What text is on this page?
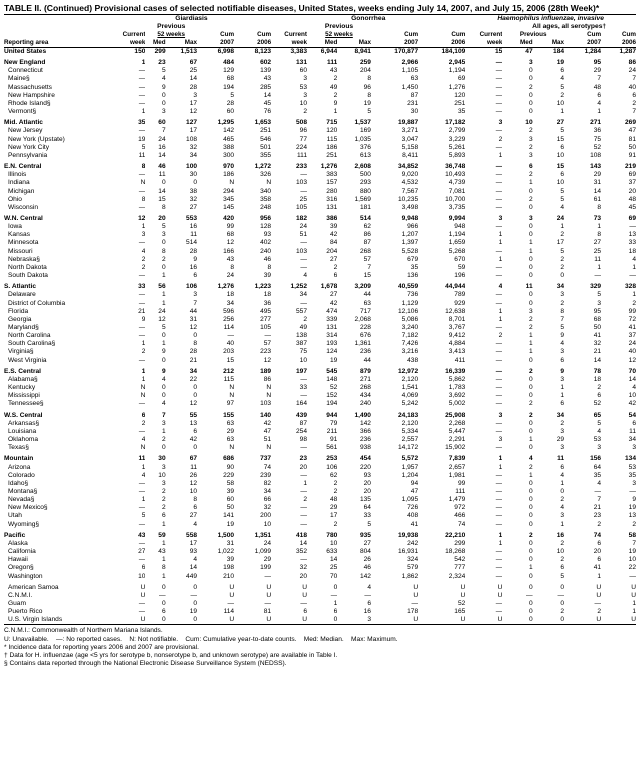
TABLE II. (Continued) Provisional cases of selected notifiable diseases, United States, weeks ending July 14, 2007, and July 15, 2006 (28th Week)*
	Giardiasis					Gonorrhea					Haemophilus influenzae, invasive				
		Previous					Previous					All ages, all serotypes†			
	Current	52 weeks		Cum	Cum	Current	52 weeks		Cum	Cum	Current	Previous		Cum	Cum
Reporting area	week	Med	Max	2007	2006	week	Med	Max	2007	2006	week	Med	Max	2007	2006
United States	150	299	1,513	6,998	8,123	3,383	6,944	8,941	170,877	184,109	15	47	184	1,284	1,287

New England	1	23	67	484	602	131	111	259	2,966	2,945	—	3	19	95	86
Connecticut	—	5	25	129	139	60	43	204	1,105	1,194	—	0	6	29	24
Maine§	—	4	14	68	43	3	2	8	63	69	—	0	4	7	7
Massachusetts	—	9	28	194	285	53	49	96	1,450	1,276	—	2	5	48	40
New Hampshire	—	0	3	5	14	3	2	8	87	120	—	0	2	6	6
Rhode Island§	—	0	17	28	45	10	9	19	231	251	—	0	10	4	2
Vermont§	1	3	12	60	76	2	1	5	30	35	—	0	1	1	7

Mid. Atlantic	35	60	127	1,295	1,653	508	715	1,537	19,887	17,182	3	10	27	271	269
New Jersey	—	7	17	142	251	96	120	169	3,271	2,799	—	2	5	36	47
New York (Upstate)	19	24	108	465	546	77	115	1,035	3,047	3,229	2	3	15	75	81
New York City	5	16	32	388	501	224	186	376	5,158	5,261	—	2	6	52	50
Pennsylvania	11	14	34	300	355	111	251	613	8,411	5,893	1	3	10	108	91

E.N. Central	8	46	100	970	1,272	233	1,276	2,608	34,852	36,748	—	6	15	143	219
Illinois	—	11	30	186	326	—	383	500	9,020	10,493	—	2	6	29	69
Indiana	N	0	0	N	N	103	157	293	4,532	4,739	—	1	10	31	37
Michigan	—	14	38	294	340	—	280	880	7,567	7,081	—	0	5	14	20
Ohio	8	15	32	345	358	25	316	1,569	10,235	10,700	—	2	5	61	48
Wisconsin	—	8	27	145	248	105	131	181	3,498	3,735	—	0	4	8	45

W.N. Central	12	20	553	420	956	182	386	514	9,948	9,994	3	3	24	73	69
Iowa	1	5	16	99	128	24	39	62	966	948	—	0	1	1	—
Kansas	3	3	11	68	93	51	42	86	1,207	1,194	1	0	2	8	13
Minnesota	—	0	514	12	402	—	84	87	1,397	1,659	1	1	17	27	33
Missouri	4	8	28	166	240	103	204	268	5,528	5,268	—	1	5	25	18
Nebraska§	2	2	9	43	46	—	27	57	679	670	1	0	2	11	4
North Dakota	2	0	16	8	8	—	2	7	35	59	—	0	2	1	1
South Dakota	—	1	6	24	39	4	6	15	136	196	—	0	0	—	—

S. Atlantic	33	56	106	1,276	1,223	1,252	1,678	3,209	40,559	44,944	4	11	34	329	328
Delaware	—	1	3	18	18	34	27	44	736	789	—	0	3	5	1
District of Columbia	—	1	7	34	36	—	42	63	1,129	929	—	0	2	3	2
Florida	21	24	44	596	495	557	474	717	12,106	12,638	1	3	8	95	99
Georgia	9	12	31	256	277	2	339	2,068	5,086	8,701	1	2	7	68	72
Maryland§	—	5	12	114	105	49	131	228	3,240	3,767	—	2	5	50	41
North Carolina	—	0	0	—	—	138	314	676	7,182	9,412	2	1	9	41	37
South Carolina§	1	1	8	40	57	387	193	1,361	7,426	4,884	—	1	4	32	24
Virginia§	2	9	28	203	223	75	124	236	3,216	3,413	—	1	3	21	40
West Virginia	—	0	21	15	12	10	19	44	438	411	—	0	6	14	12

E.S. Central	1	9	34	212	189	197	545	879	12,972	16,339	—	2	9	78	70
Alabama§	1	4	22	115	86	—	148	271	2,120	5,862	—	0	3	18	14
Kentucky	N	0	0	N	N	33	52	268	1,541	1,783	—	0	1	2	4
Mississippi	N	0	0	N	N	—	152	434	4,069	3,692	—	0	1	6	10
Tennessee§	—	4	12	97	103	164	194	240	5,242	5,002	—	2	6	52	42

W.S. Central	6	7	55	155	140	439	944	1,490	24,183	25,908	3	2	34	65	54
Arkansas§	2	3	13	63	42	87	79	142	2,120	2,268	—	0	2	5	6
Louisiana	—	1	6	29	47	254	211	366	5,334	5,447	—	0	3	4	11
Oklahoma	4	2	42	63	51	98	91	236	2,557	2,291	3	1	29	53	34
Texas§	N	0	0	N	N	—	561	938	14,172	15,902	—	0	3	3	3

Mountain	11	30	67	686	737	23	253	454	5,572	7,839	1	4	11	156	134
Arizona	1	3	11	90	74	20	106	220	1,957	2,657	1	2	6	64	53
Colorado	4	10	26	229	239	—	62	93	1,204	1,981	—	1	4	35	35
Idaho§	—	3	12	58	82	1	2	20	94	99	—	0	1	4	3
Montana§	—	2	10	39	34	—	2	20	47	111	—	0	0	—	—
Nevada§	1	2	8	60	66	2	48	135	1,095	1,479	—	0	2	7	9
New Mexico§	—	2	6	50	32	—	29	64	726	972	—	0	4	21	19
Utah	5	6	27	141	200	—	17	33	408	466	—	0	3	23	13
Wyoming§	—	1	4	19	10	—	2	5	41	74	—	0	1	2	2

Pacific	43	59	558	1,500	1,351	418	780	935	19,938	22,210	1	2	16	74	58
Alaska	—	1	17	31	24	14	10	27	242	299	1	0	2	6	7
California	27	43	93	1,022	1,099	352	633	804	16,931	18,268	—	0	10	20	19
Hawaii	—	1	4	39	29	—	14	26	324	542	—	0	2	6	10
Oregon§	6	8	14	198	199	32	25	46	579	777	—	1	6	41	22
Washington	10	1	449	210	—	20	70	142	1,862	2,324	—	0	5	1	—

American Samoa	U	0	0	U	U	U	0	4	U	U	U	0	0	U	U
C.N.M.I.	U	—	—	U	U	U	—	—	U	U	U	—	—	U	U
Guam	—	0	0	—	—	—	1	6	—	52	—	0	0	—	1
Puerto Rico	—	6	19	114	81	6	6	16	178	165	—	0	2	2	1
U.S. Virgin Islands	U	0	0	U	U	U	0	3	U	U	U	0	0	U	U
C.N.M.I.: Commonwealth of Northern Mariana Islands.
U: Unavailable.    —: No reported cases.    N: Not notifiable.    Cum: Cumulative year-to-date counts.    Med: Median.    Max: Maximum.
* Incidence data for reporting years 2006 and 2007 are provisional.
† Data for H. influenzae (age <5 yrs for serotype b, nonserotype b, and unknown serotype) are available in Table I.
§ Contains data reported through the National Electronic Disease Surveillance System (NEDSS).
